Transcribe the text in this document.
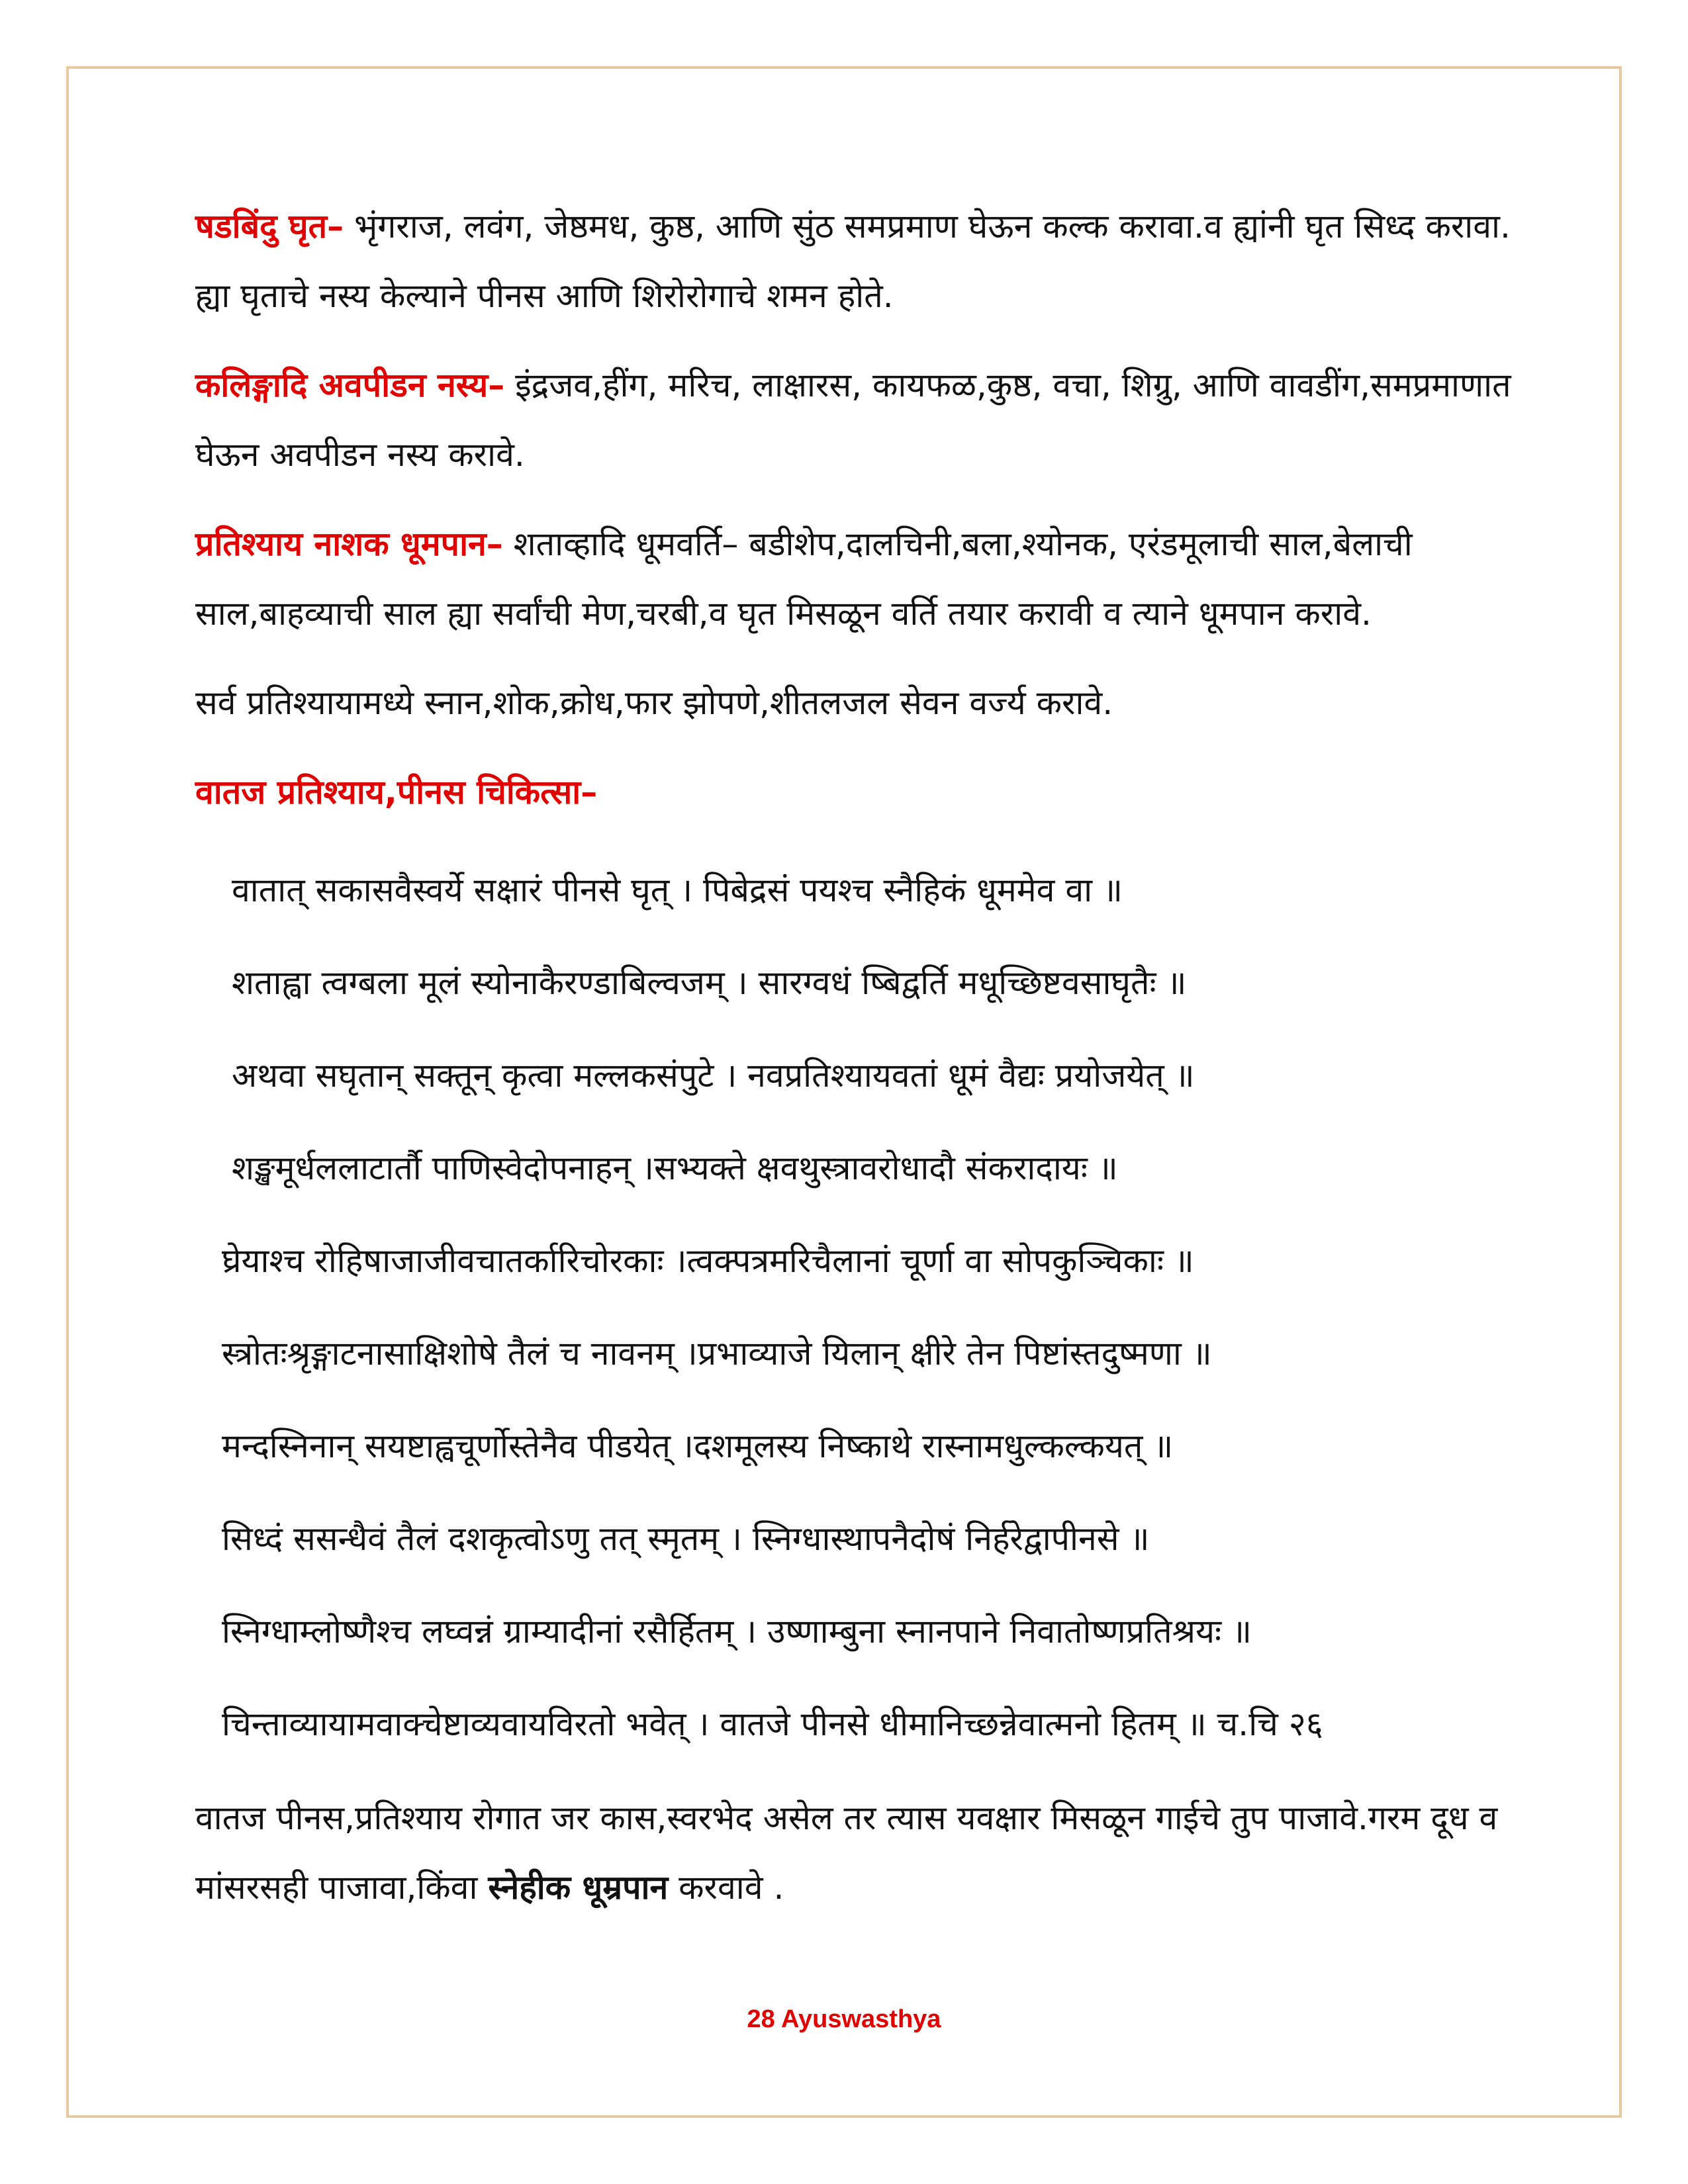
षडबिंदु घृत– भृंगराज, लवंग, जेष्ठमध, कुष्ठ, आणि सुंठ समप्रमाण घेऊन कल्क करावा.व ह्यांनी घृत सिध्द करावा. ह्या घृताचे नस्य केल्याने पीनस आणि शिरोरोगाचे शमन होते.

कलिङ्गादि अवपीडन नस्य– इंद्रजव,हींग, मरिच, लाक्षारस, कायफळ,कुष्ठ, वचा, शिग्रु, आणि वावडींग,समप्रमाणात घेऊन अवपीडन नस्य करावे.

प्रतिश्याय नाशक धूमपान– शताव्हादि धूमवर्ति– बडीशेप,दालचिनी,बला,श्योनक, एरंडमूलाची साल,बेलाची साल,बाहव्याची साल ह्या सर्वांची मेण,चरबी,व घृत मिसळून वर्ति तयार करावी व त्याने धूमपान करावे.

सर्व प्रतिश्यायामध्ये स्नान,शोक,क्रोध,फार झोपणे,शीतलजल सेवन वर्ज्य करावे.

वातज प्रतिश्याय,पीनस चिकित्सा–

वातात् सकासवैस्वर्ये सक्षारं पीनसे घृत् । पिबेद्रसं पयश्च स्नैहिकं धूममेव वा ॥

शताह्वा त्वग्बला मूलं स्योनाकैरण्डाबिल्वजम् । सारग्वधं ष्बिद्वर्ति मधूच्छिष्टवसाघृतैः ॥

अथवा सघृतान् सक्तून् कृत्वा मल्लकसंपुटे । नवप्रतिश्यायवतां धूमं वैद्यः प्रयोजयेत् ॥

शङ्खमूर्धललाटार्तौ पाणिस्वेदोपनाहन् ।सभ्यक्ते क्षवथुस्त्रावरोधादौ संकरादायः ॥

घ्रेयाश्च रोहिषाजाजीवचातर्कारिचोरकाः ।त्वक्पत्रमरिचैलानां चूर्णा वा सोपकुञ्चिकाः ॥

स्त्रोतःश्रृङ्गाटनासाक्षिशोषे तैलं च नावनम् ।प्रभाव्याजे यिलान् क्षीरे तेन पिष्टांस्तदुष्मणा ॥

मन्दस्निनान् सयष्टाह्वचूर्णोस्तेनैव पीडयेत् ।दशमूलस्य निष्काथे रास्नामधुल्कल्कयत् ॥

सिध्दं ससन्धैवं तैलं दशकृत्वोऽणु तत् स्मृतम् । स्निग्धास्थापनैदोषं निर्हरेद्वापीनसे ॥

स्निग्धाम्लोष्णैश्च लघ्वन्नं ग्राम्यादीनां रसैर्हितम् । उष्णाम्बुना स्नानपाने निवातोष्णप्रतिश्रयः ॥

चिन्ताव्यायामवाक्चेष्टाव्यवायविरतो भवेत् । वातजे पीनसे धीमानिच्छन्नेवात्मनो हितम् ॥ च.चि २६

वातज पीनस,प्रतिश्याय रोगात जर कास,स्वरभेद असेल तर त्यास यवक्षार मिसळून गाईचे तुप पाजावे.गरम दूध व मांसरसही पाजावा,किंवा स्नेहीक धूम्रपान करवावे .

28 Ayuswasthya
